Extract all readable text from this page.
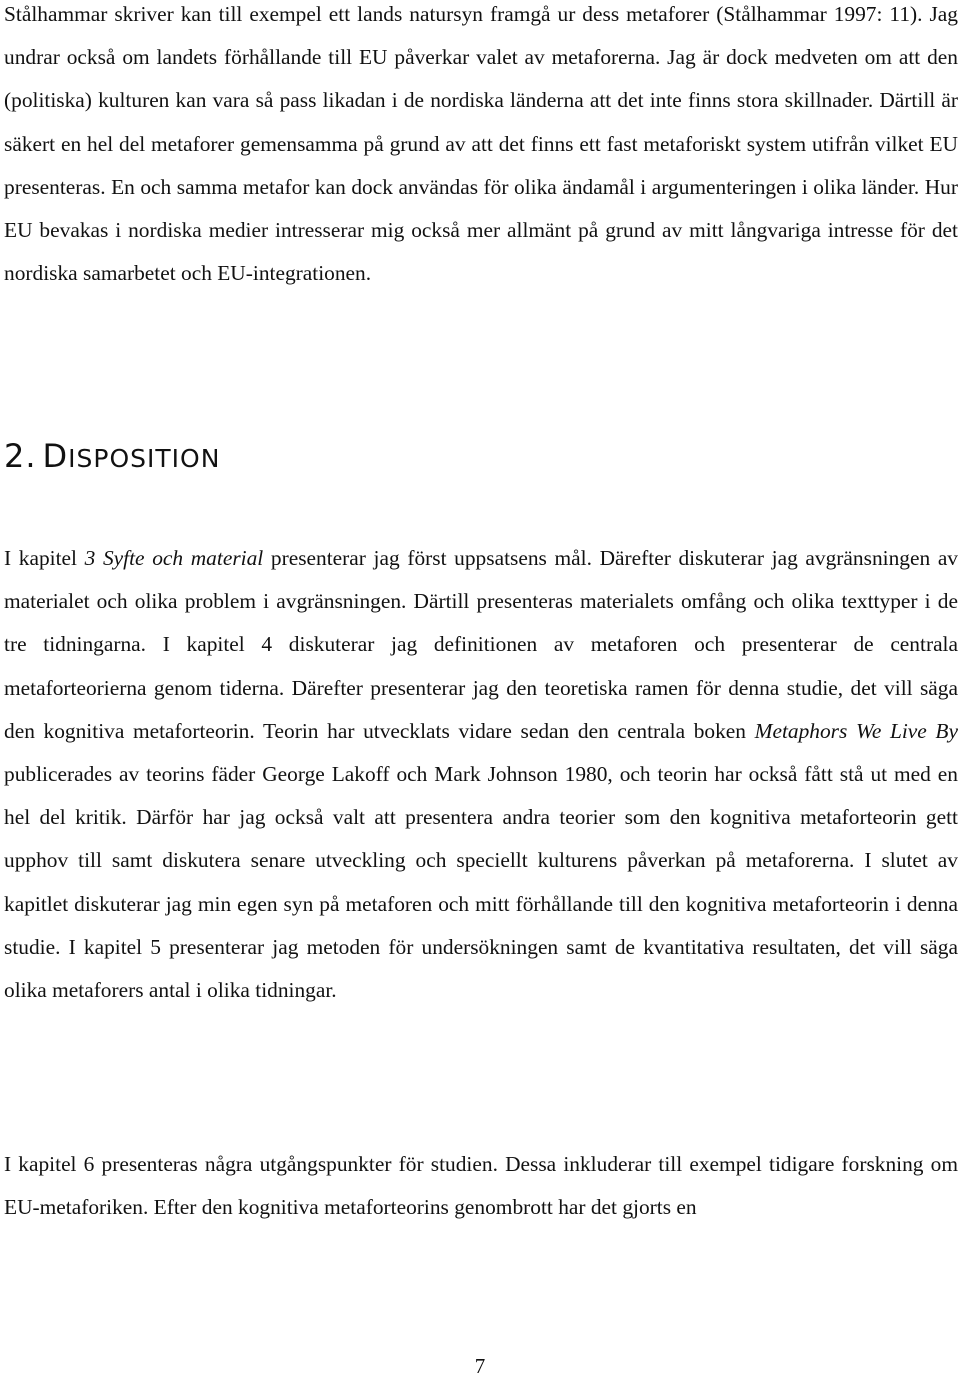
Stålhammar skriver kan till exempel ett lands natursyn framgå ur dess metaforer (Stålhammar 1997: 11). Jag undrar också om landets förhållande till EU påverkar valet av metaforerna. Jag är dock medveten om att den (politiska) kulturen kan vara så pass likadan i de nordiska länderna att det inte finns stora skillnader. Därtill är säkert en hel del metaforer gemensamma på grund av att det finns ett fast metaforiskt system utifrån vilket EU presenteras. En och samma metafor kan dock användas för olika ändamål i argumenteringen i olika länder. Hur EU bevakas i nordiska medier intresserar mig också mer allmänt på grund av mitt långvariga intresse för det nordiska samarbetet och EU-integrationen.

2. DISPOSITION

I kapitel 3 Syfte och material presenterar jag först uppsatsens mål. Därefter diskuterar jag avgränsningen av materialet och olika problem i avgränsningen. Därtill presenteras materialets omfång och olika texttyper i de tre tidningarna. I kapitel 4 diskuterar jag definitionen av metaforen och presenterar de centrala metaforteorierna genom tiderna. Därefter presenterar jag den teoretiska ramen för denna studie, det vill säga den kognitiva metaforteorin. Teorin har utvecklats vidare sedan den centrala boken Metaphors We Live By publicerades av teorins fäder George Lakoff och Mark Johnson 1980, och teorin har också fått stå ut med en hel del kritik. Därför har jag också valt att presentera andra teorier som den kognitiva metaforteorin gett upphov till samt diskutera senare utveckling och speciellt kulturens påverkan på metaforerna. I slutet av kapitlet diskuterar jag min egen syn på metaforen och mitt förhållande till den kognitiva metaforteorin i denna studie. I kapitel 5 presenterar jag metoden för undersökningen samt de kvantitativa resultaten, det vill säga olika metaforers antal i olika tidningar.

I kapitel 6 presenteras några utgångspunkter för studien. Dessa inkluderar till exempel tidigare forskning om EU-metaforiken. Efter den kognitiva metaforteorins genombrott har det gjorts en

7
